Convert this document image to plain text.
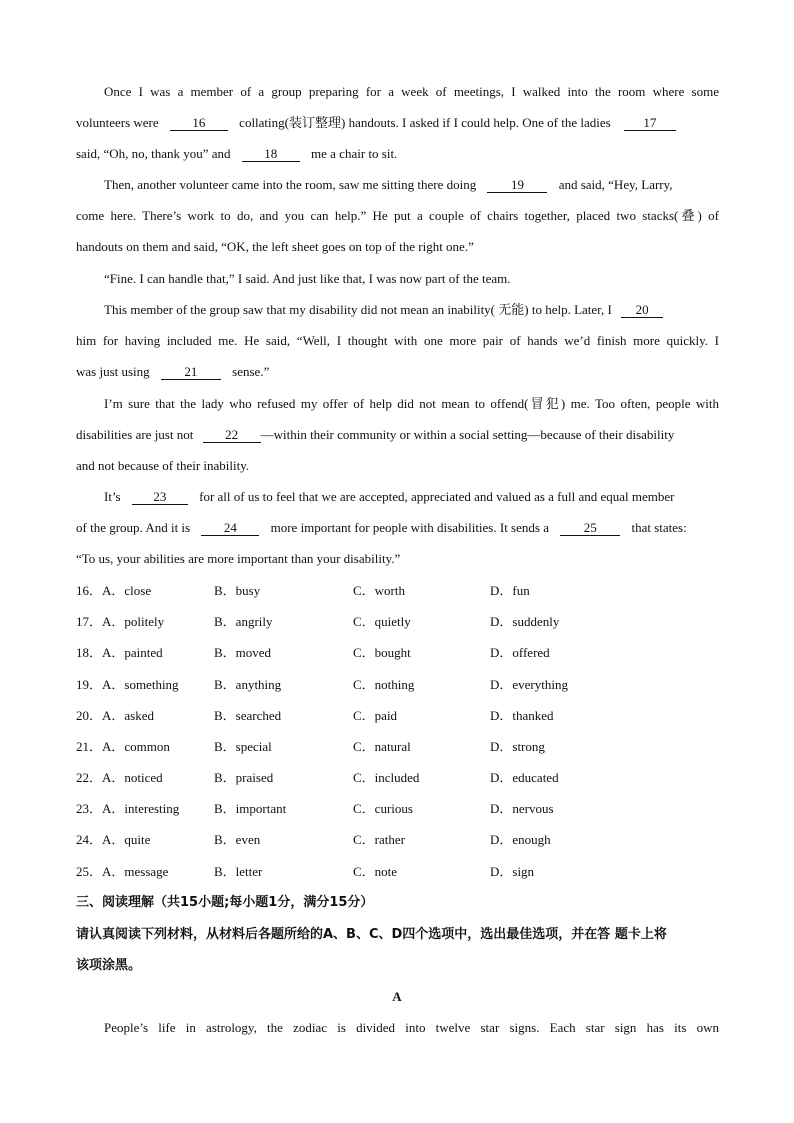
Once I was a member of a group preparing for a week of meetings, I walked into the room where some
volunteers were	16	collating(装订整理) handouts. I asked if I could help. One of the ladies	17
said, “Oh, no, thank you” and	18	me a chair to sit.
Then, another volunteer came into the room, saw me sitting there doing	19	and said, “Hey, Larry,
come here. There’s work to do, and you can help.” He put a couple of chairs together, placed two stacks(叠) of
handouts on them and said, “OK, the left sheet goes on top of the right one.”
“Fine. I can handle that,” I said. And just like that, I was now part of the team.
This member of the group saw that my disability did not mean an inability( 无能) to help. Later, I 20
him for having included me. He said, “Well, I thought with one more pair of hands we’d finish more quickly. I
was just using	21	sense.”
I’m sure that the lady who refused my offer of help did not mean to offend(冒犯) me. Too often, people with
disabilities are just not 22 —within their community or within a social setting—because of their disability
and not because of their inability.
It’s	23	for all of us to feel that we are accepted, appreciated and valued as a full and equal member
of the group. And it is	24	more important for people with disabilities. It sends a	25	that states:
“To us, your abilities are more important than your disability.”
16．A．close	B．busy	C．worth	D．fun
17．A．politely	B．angrily	C．quietly	D．suddenly
18．A．painted	B．moved	C．bought	D．offered
19．A．something	B．anything	C．nothing	D．everything
20．A．asked	B．searched	C．paid	D．thanked
21．A．common	B．special	C．natural	D．strong
22．A．noticed	B．praised	C．included	D．educated
23．A．interesting	B．important	C．curious	D．nervous
24．A．quite	B．even	C．rather	D．enough
25．A．message	B．letter	C．note	D．sign
三、阅读理解（共15小题;每小题1分，满分15分）
请认真阅读下列材料，从材料后各题所给的A、B、C、D四个选项中，选出最佳选项，并在答 题卡上将
该项涂黑。
A
People’s life in astrology, the zodiac is divided into twelve star signs. Each star sign has its own
